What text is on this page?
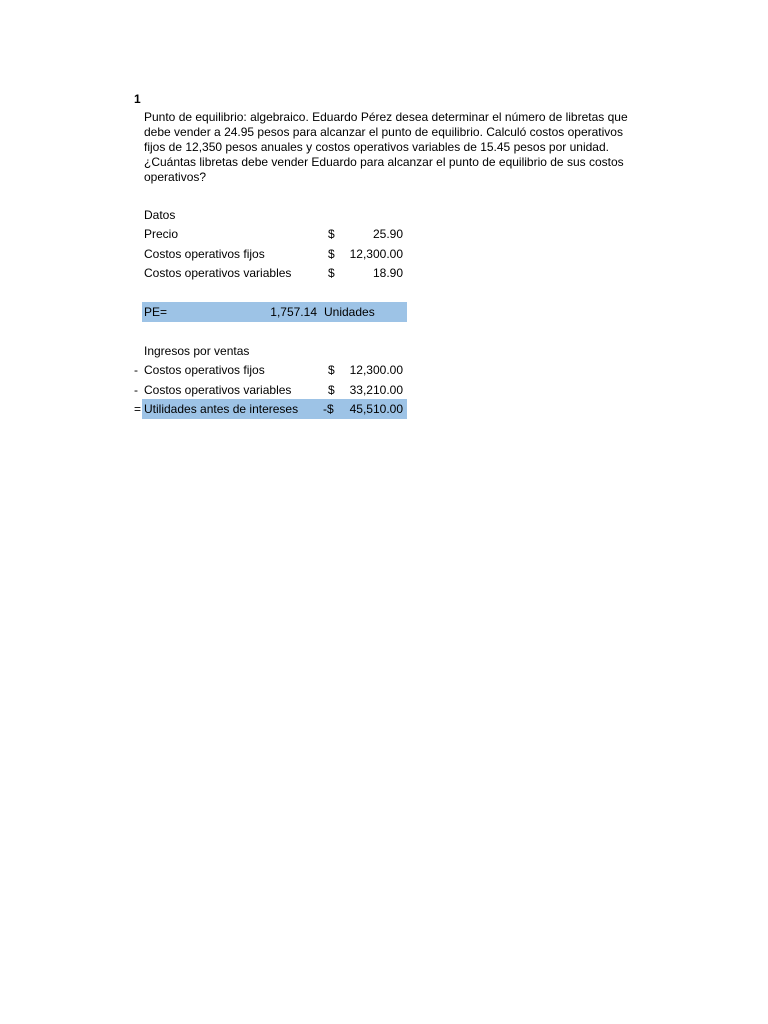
1
Punto de equilibrio: algebraico. Eduardo Pérez desea determinar el número de libretas que debe vender a 24.95 pesos para alcanzar el punto de equilibrio. Calculó costos operativos fijos de 12,350 pesos anuales y costos operativos variables de 15.45 pesos por unidad. ¿Cuántas libretas debe vender Eduardo para alcanzar el punto de equilibrio de sus costos operativos?
Datos
Precio	$	25.90
Costos operativos fijos	$	12,300.00
Costos operativos variables	$	18.90
PE=	1,757.14 Unidades
Ingresos por ventas
- Costos operativos fijos	$	12,300.00
- Costos operativos variables	$	33,210.00
= Utilidades antes de intereses -$	45,510.00
